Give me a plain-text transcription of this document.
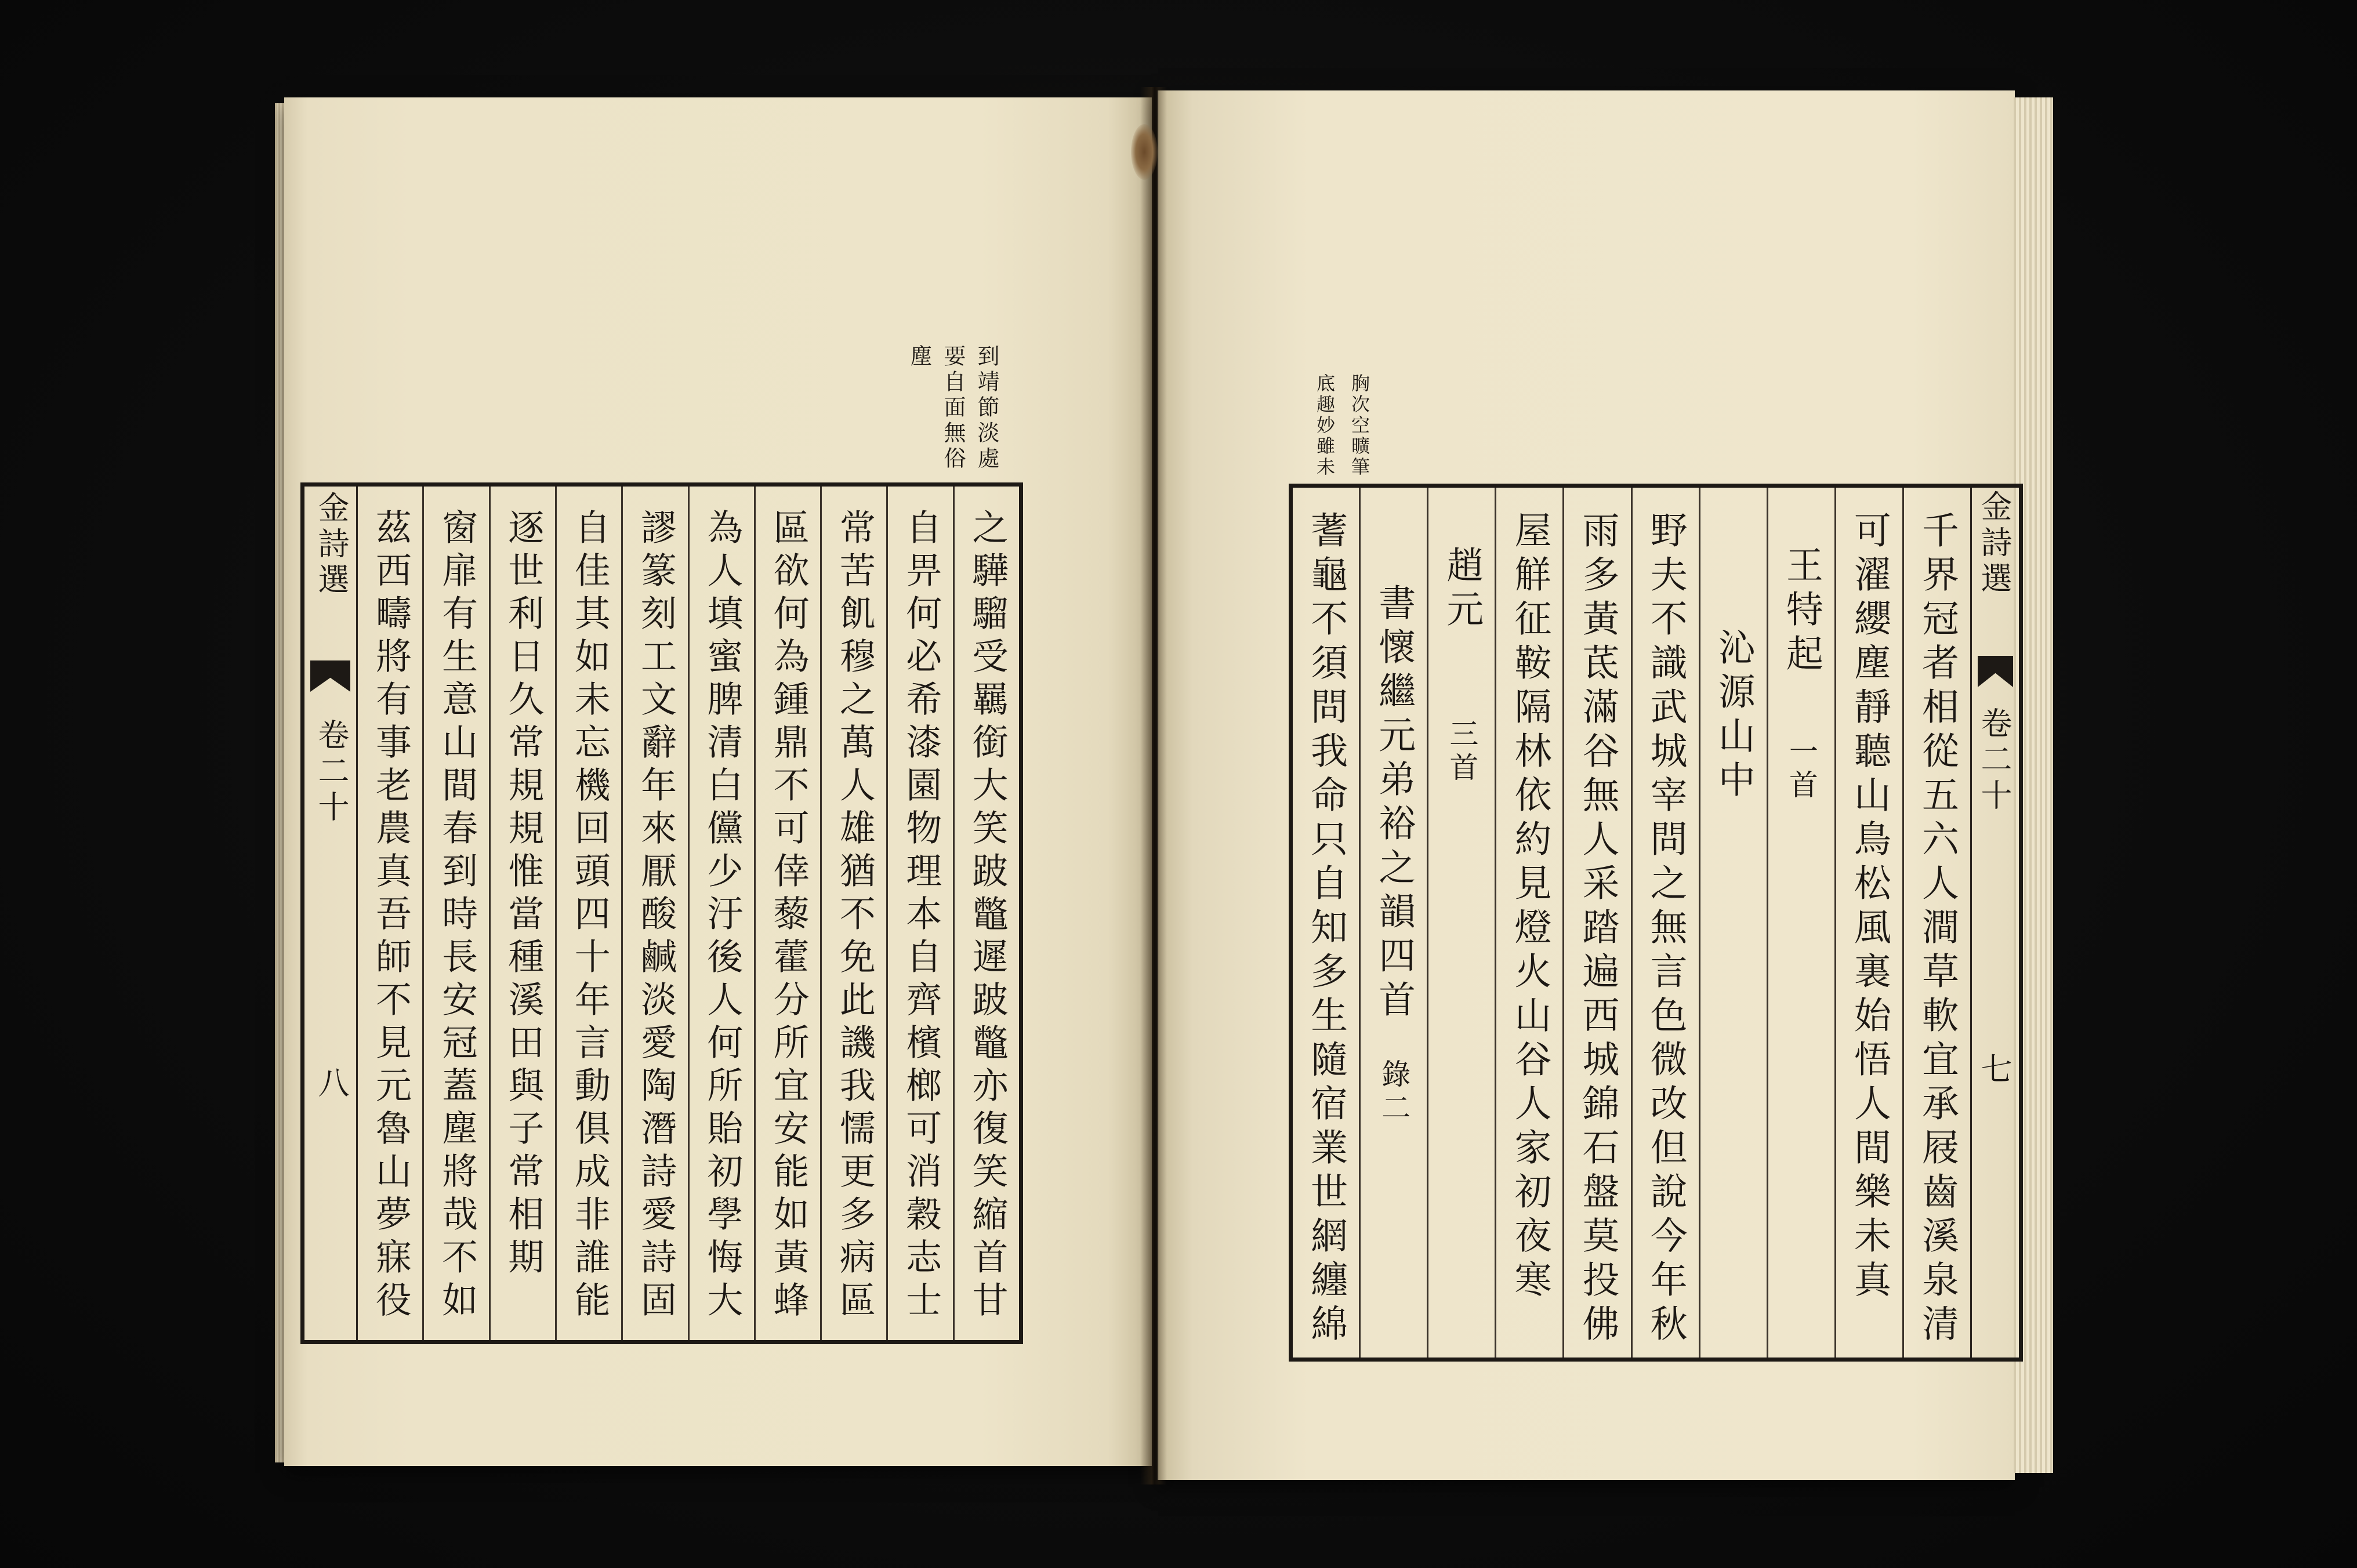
到靖節淡處
要自面無俗
塵
胸次空曠筆
底趣妙雖未
金詩選
卷二十
八	之驊騮受羈銜大笑跛鼈遲跛鼈亦復笑縮首甘
自畀何必希漆園物理本自齊檳榔可消穀志士
常苦飢穆之萬人雄猶不免此譏我懦更多病區
區欲何為鍾鼎不可倖藜藿分所宜安能如黃蜂
為人填蜜脾清白儻少汙後人何所貽初學悔大
謬篆刻工文辭年來厭酸鹹淡愛陶潛詩愛詩固
自佳其如未忘機回頭四十年言動俱成非誰能
逐世利日久常規規惟當種溪田與子常相期
窗扉有生意山間春到時長安冠蓋塵將哉不如
茲西疇將有事老農真吾師不見元魯山夢寐役	千界冠者相從五六人澗草軟宜承屐齒溪泉清
可濯纓塵靜聽山鳥松風裏始悟人間樂未真
王特起一首
沁源山中
野夫不識武城宰問之無言色微改但說今年秋
雨多黃茋滿谷無人采踏遍西城錦石盤莫投佛
屋觧征鞍隔林依約見燈火山谷人家初夜寒
趙元三首
書懷繼元弟裕之韻四首錄二
蓍龜不須問我命只自知多生隨宿業世網纏綿	金詩選
卷二十
七
